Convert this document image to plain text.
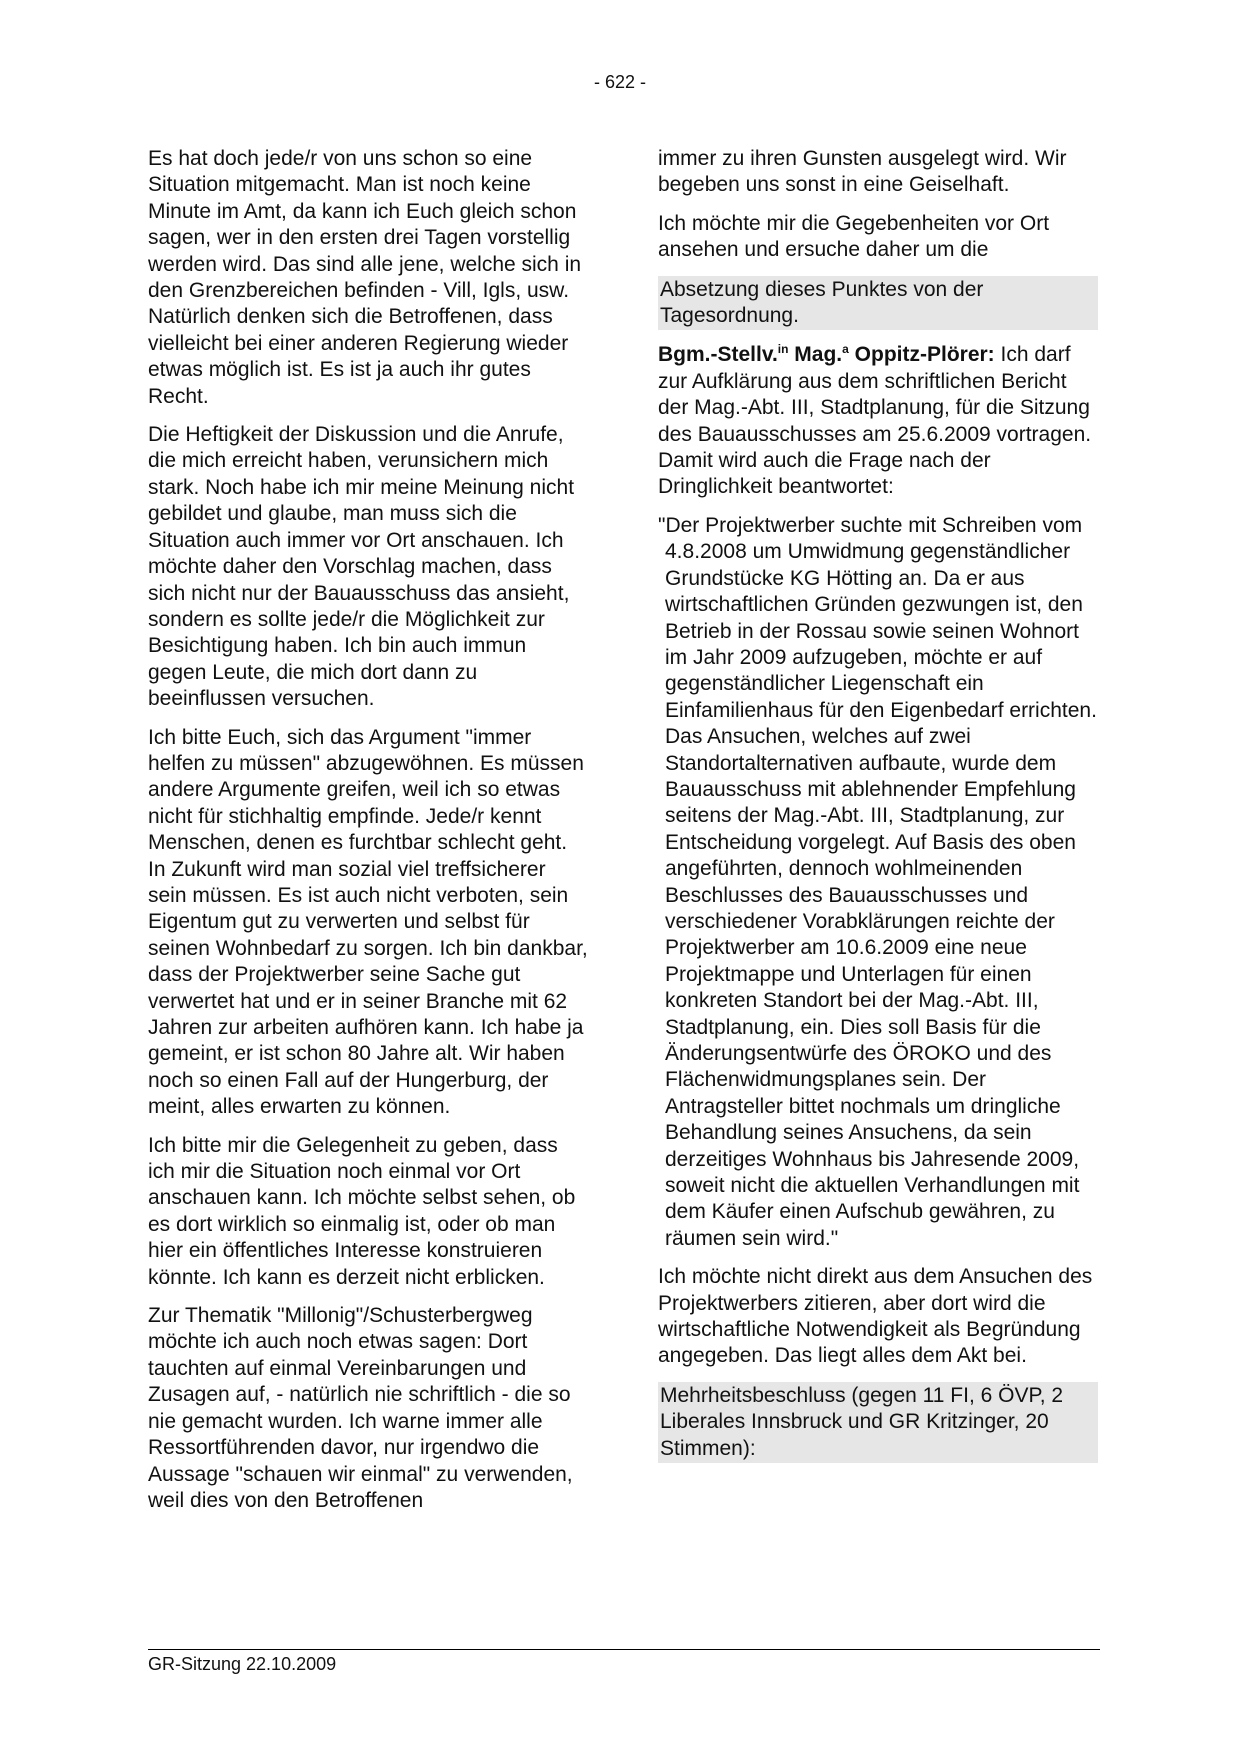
- 622 -

Es hat doch jede/r von uns schon so eine Situation mitgemacht. Man ist noch keine Minute im Amt, da kann ich Euch gleich schon sagen, wer in den ersten drei Tagen vorstellig werden wird. Das sind alle jene, welche sich in den Grenzbereichen befinden - Vill, Igls, usw. Natürlich denken sich die Betroffenen, dass vielleicht bei einer anderen Regierung wieder etwas möglich ist. Es ist ja auch ihr gutes Recht.

Die Heftigkeit der Diskussion und die Anrufe, die mich erreicht haben, verunsichern mich stark. Noch habe ich mir meine Meinung nicht gebildet und glaube, man muss sich die Situation auch immer vor Ort anschauen. Ich möchte daher den Vorschlag machen, dass sich nicht nur der Bauausschuss das ansieht, sondern es sollte jede/r die Möglichkeit zur Besichtigung haben. Ich bin auch immun gegen Leute, die mich dort dann zu beeinflussen versuchen.

Ich bitte Euch, sich das Argument "immer helfen zu müssen" abzugewöhnen. Es müssen andere Argumente greifen, weil ich so etwas nicht für stichhaltig empfinde. Jede/r kennt Menschen, denen es furchtbar schlecht geht. In Zukunft wird man sozial viel treffsicherer sein müssen. Es ist auch nicht verboten, sein Eigentum gut zu verwerten und selbst für seinen Wohnbedarf zu sorgen. Ich bin dankbar, dass der Projektwerber seine Sache gut verwertet hat und er in seiner Branche mit 62 Jahren zur arbeiten aufhören kann. Ich habe ja gemeint, er ist schon 80 Jahre alt. Wir haben noch so einen Fall auf der Hungerburg, der meint, alles erwarten zu können.

Ich bitte mir die Gelegenheit zu geben, dass ich mir die Situation noch einmal vor Ort anschauen kann. Ich möchte selbst sehen, ob es dort wirklich so einmalig ist, oder ob man hier ein öffentliches Interesse konstruieren könnte. Ich kann es derzeit nicht erblicken.

Zur Thematik "Millonig"/Schusterbergweg möchte ich auch noch etwas sagen: Dort tauchten auf einmal Vereinbarungen und Zusagen auf, - natürlich nie schriftlich - die so nie gemacht wurden. Ich warne immer alle Ressortführenden davor, nur irgendwo die Aussage "schauen wir einmal" zu verwenden, weil dies von den Betroffenen

immer zu ihren Gunsten ausgelegt wird. Wir begeben uns sonst in eine Geiselhaft.

Ich möchte mir die Gegebenheiten vor Ort ansehen und ersuche daher um die

Absetzung dieses Punktes von der Tagesordnung.

Bgm.-Stellv.$^{in}$ Mag.$^a$ Oppitz-Plörer: Ich darf zur Aufklärung aus dem schriftlichen Bericht der Mag.-Abt. III, Stadtplanung, für die Sitzung des Bauausschusses am 25.6.2009 vortragen. Damit wird auch die Frage nach der Dringlichkeit beantwortet:

"Der Projektwerber suchte mit Schreiben vom 4.8.2008 um Umwidmung gegenständlicher Grundstücke KG Hötting an. Da er aus wirtschaftlichen Gründen gezwungen ist, den Betrieb in der Rossau sowie seinen Wohnort im Jahr 2009 aufzugeben, möchte er auf gegenständlicher Liegenschaft ein Einfamilienhaus für den Eigenbedarf errichten. Das Ansuchen, welches auf zwei Standortalternativen aufbaute, wurde dem Bauausschuss mit ablehnender Empfehlung seitens der Mag.-Abt. III, Stadtplanung, zur Entscheidung vorgelegt. Auf Basis des oben angeführten, dennoch wohlmeinenden Beschlusses des Bauausschusses und verschiedener Vorabklärungen reichte der Projektwerber am 10.6.2009 eine neue Projektmappe und Unterlagen für einen konkreten Standort bei der Mag.-Abt. III, Stadtplanung, ein. Dies soll Basis für die Änderungsentwürfe des ÖROKO und des Flächenwidmungsplanes sein. Der Antragsteller bittet nochmals um dringliche Behandlung seines Ansuchens, da sein derzeitiges Wohnhaus bis Jahresende 2009, soweit nicht die aktuellen Verhandlungen mit dem Käufer einen Aufschub gewähren, zu räumen sein wird."

Ich möchte nicht direkt aus dem Ansuchen des Projektwerbers zitieren, aber dort wird die wirtschaftliche Notwendigkeit als Begründung angegeben. Das liegt alles dem Akt bei.

Mehrheitsbeschluss (gegen 11 FI, 6 ÖVP, 2 Liberales Innsbruck und GR Kritzinger, 20 Stimmen):
GR-Sitzung 22.10.2009
